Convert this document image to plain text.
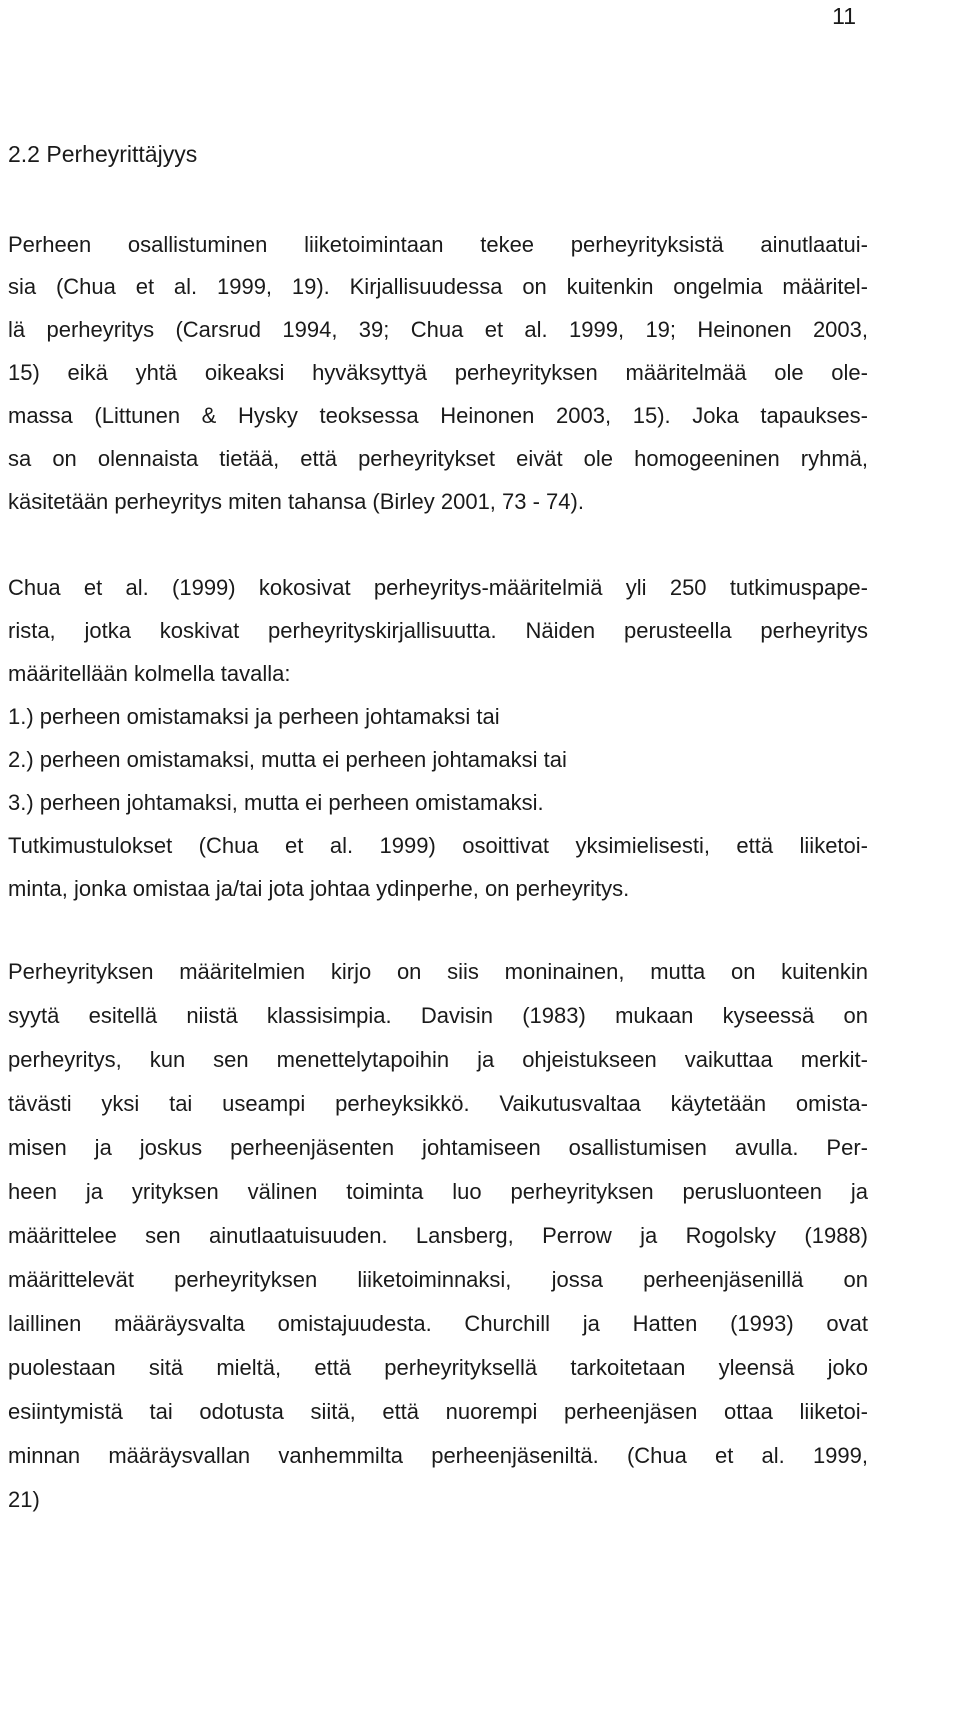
11
2.2 Perheyrittäjyys
Perheen osallistuminen liiketoimintaan tekee perheyrityksistä ainutlaatui-
sia (Chua et al. 1999, 19). Kirjallisuudessa on kuitenkin ongelmia määritel-
lä perheyritys (Carsrud 1994, 39; Chua et al. 1999, 19; Heinonen 2003,
15) eikä yhtä oikeaksi hyväksyttyä perheyrityksen määritelmää ole ole-
massa (Littunen & Hysky teoksessa Heinonen 2003, 15). Joka tapaukses-
sa on olennaista tietää, että perheyritykset eivät ole homogeeninen ryhmä,
käsitetään perheyritys miten tahansa (Birley 2001, 73 - 74).
Chua et al. (1999) kokosivat perheyritys-määritelmiä yli 250 tutkimuspape-
rista, jotka koskivat perheyrityskirjallisuutta. Näiden perusteella perheyritys
määritellään kolmella tavalla:
1.) perheen omistamaksi ja perheen johtamaksi tai
2.) perheen omistamaksi, mutta ei perheen johtamaksi tai
3.) perheen johtamaksi, mutta ei perheen omistamaksi.
Tutkimustulokset (Chua et al. 1999) osoittivat yksimielisesti, että liiketoi-
minta, jonka omistaa ja/tai jota johtaa ydinperhe, on perheyritys.
Perheyrityksen määritelmien kirjo on siis moninainen, mutta on kuitenkin
syytä esitellä niistä klassisimpia. Davisin (1983) mukaan kyseessä on
perheyritys, kun sen menettelytapoihin ja ohjeistukseen vaikuttaa merkit-
tävästi yksi tai useampi perheyksikkö. Vaikutusvaltaa käytetään omista-
misen ja joskus perheenjäsenten johtamiseen osallistumisen avulla. Per-
heen ja yrityksen välinen toiminta luo perheyrityksen perusluonteen ja
määrittelee sen ainutlaatuisuuden. Lansberg, Perrow ja Rogolsky (1988)
määrittelevät perheyrityksen liiketoiminnaksi, jossa perheenjäsenillä on
laillinen määräysvalta omistajuudesta. Churchill ja Hatten (1993) ovat
puolestaan sitä mieltä, että perheyrityksellä tarkoitetaan yleensä joko
esiintymistä tai odotusta siitä, että nuorempi perheenjäsen ottaa liiketoi-
minnan määräysvallan vanhemmilta perheenjäseniltä. (Chua et al. 1999,
21)
